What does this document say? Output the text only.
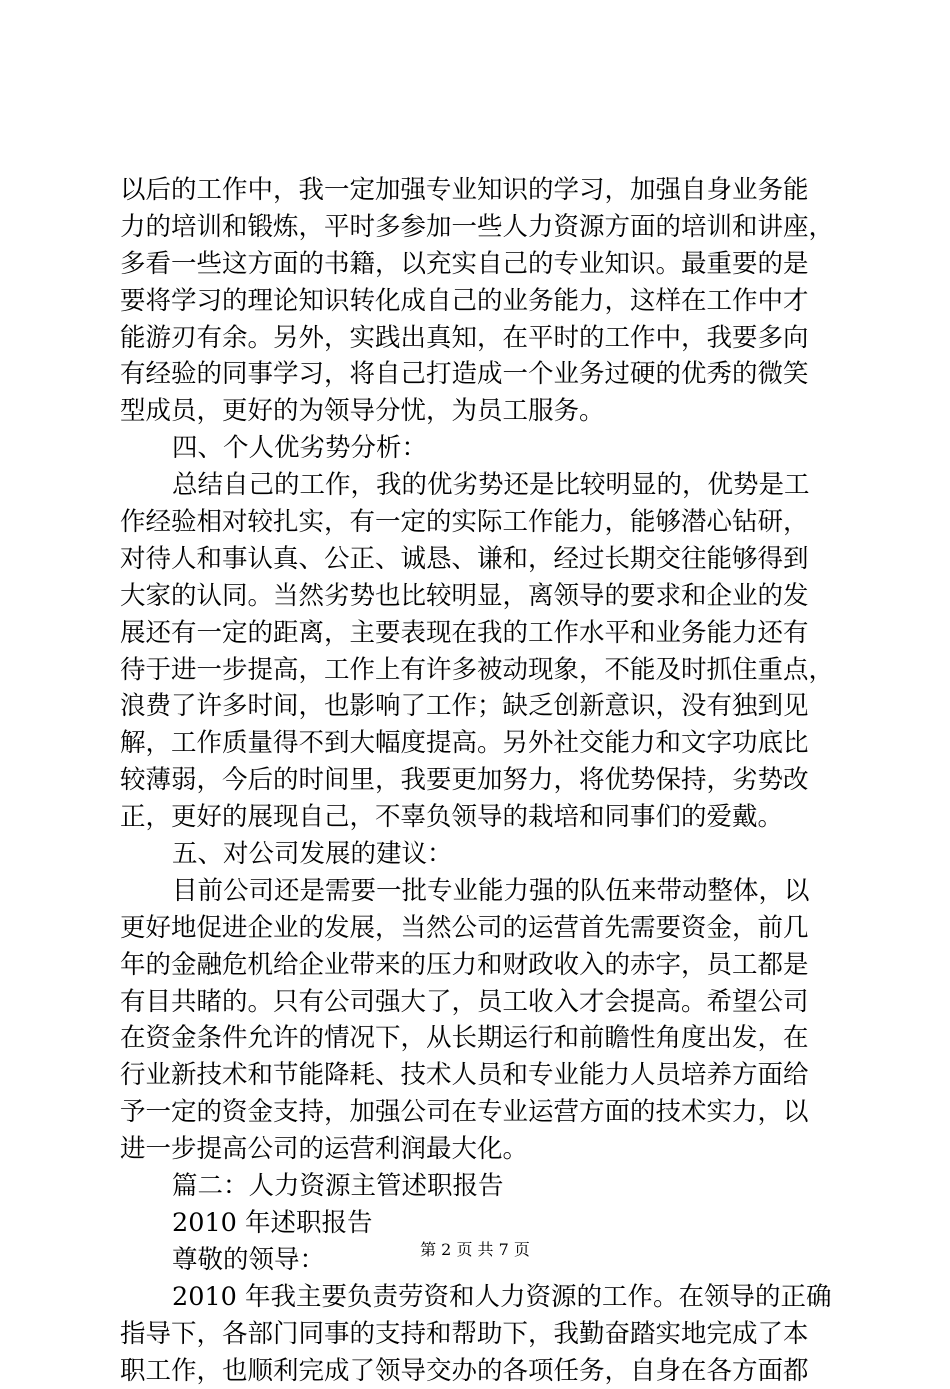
以后的工作中，我一定加强专业知识的学习，加强自身业务能
力的培训和锻炼，平时多参加一些人力资源方面的培训和讲座，
多看一些这方面的书籍，以充实自己的专业知识。最重要的是
要将学习的理论知识转化成自己的业务能力，这样在工作中才
能游刃有余。另外，实践出真知，在平时的工作中，我要多向
有经验的同事学习，将自己打造成一个业务过硬的优秀的微笑
型成员，更好的为领导分忧，为员工服务。
四、个人优劣势分析：
总结自己的工作，我的优劣势还是比较明显的，优势是工
作经验相对较扎实，有一定的实际工作能力，能够潜心钻研，
对待人和事认真、公正、诚恳、谦和，经过长期交往能够得到
大家的认同。当然劣势也比较明显，离领导的要求和企业的发
展还有一定的距离，主要表现在我的工作水平和业务能力还有
待于进一步提高，工作上有许多被动现象，不能及时抓住重点，
浪费了许多时间，也影响了工作；缺乏创新意识，没有独到见
解，工作质量得不到大幅度提高。另外社交能力和文字功底比
较薄弱，今后的时间里，我要更加努力，将优势保持，劣势改
正，更好的展现自己，不辜负领导的栽培和同事们的爱戴。
五、对公司发展的建议：
目前公司还是需要一批专业能力强的队伍来带动整体，以
更好地促进企业的发展，当然公司的运营首先需要资金，前几
年的金融危机给企业带来的压力和财政收入的赤字，员工都是
有目共睹的。只有公司强大了，员工收入才会提高。希望公司
在资金条件允许的情况下，从长期运行和前瞻性角度出发，在
行业新技术和节能降耗、技术人员和专业能力人员培养方面给
予一定的资金支持，加强公司在专业运营方面的技术实力，以
进一步提高公司的运营利润最大化。
篇二：人力资源主管述职报告
2010 年述职报告
尊敬的领导：
2010 年我主要负责劳资和人力资源的工作。在领导的正确
指导下，各部门同事的支持和帮助下，我勤奋踏实地完成了本
职工作，也顺利完成了领导交办的各项任务，自身在各方面都
第 2 页 共 7 页
